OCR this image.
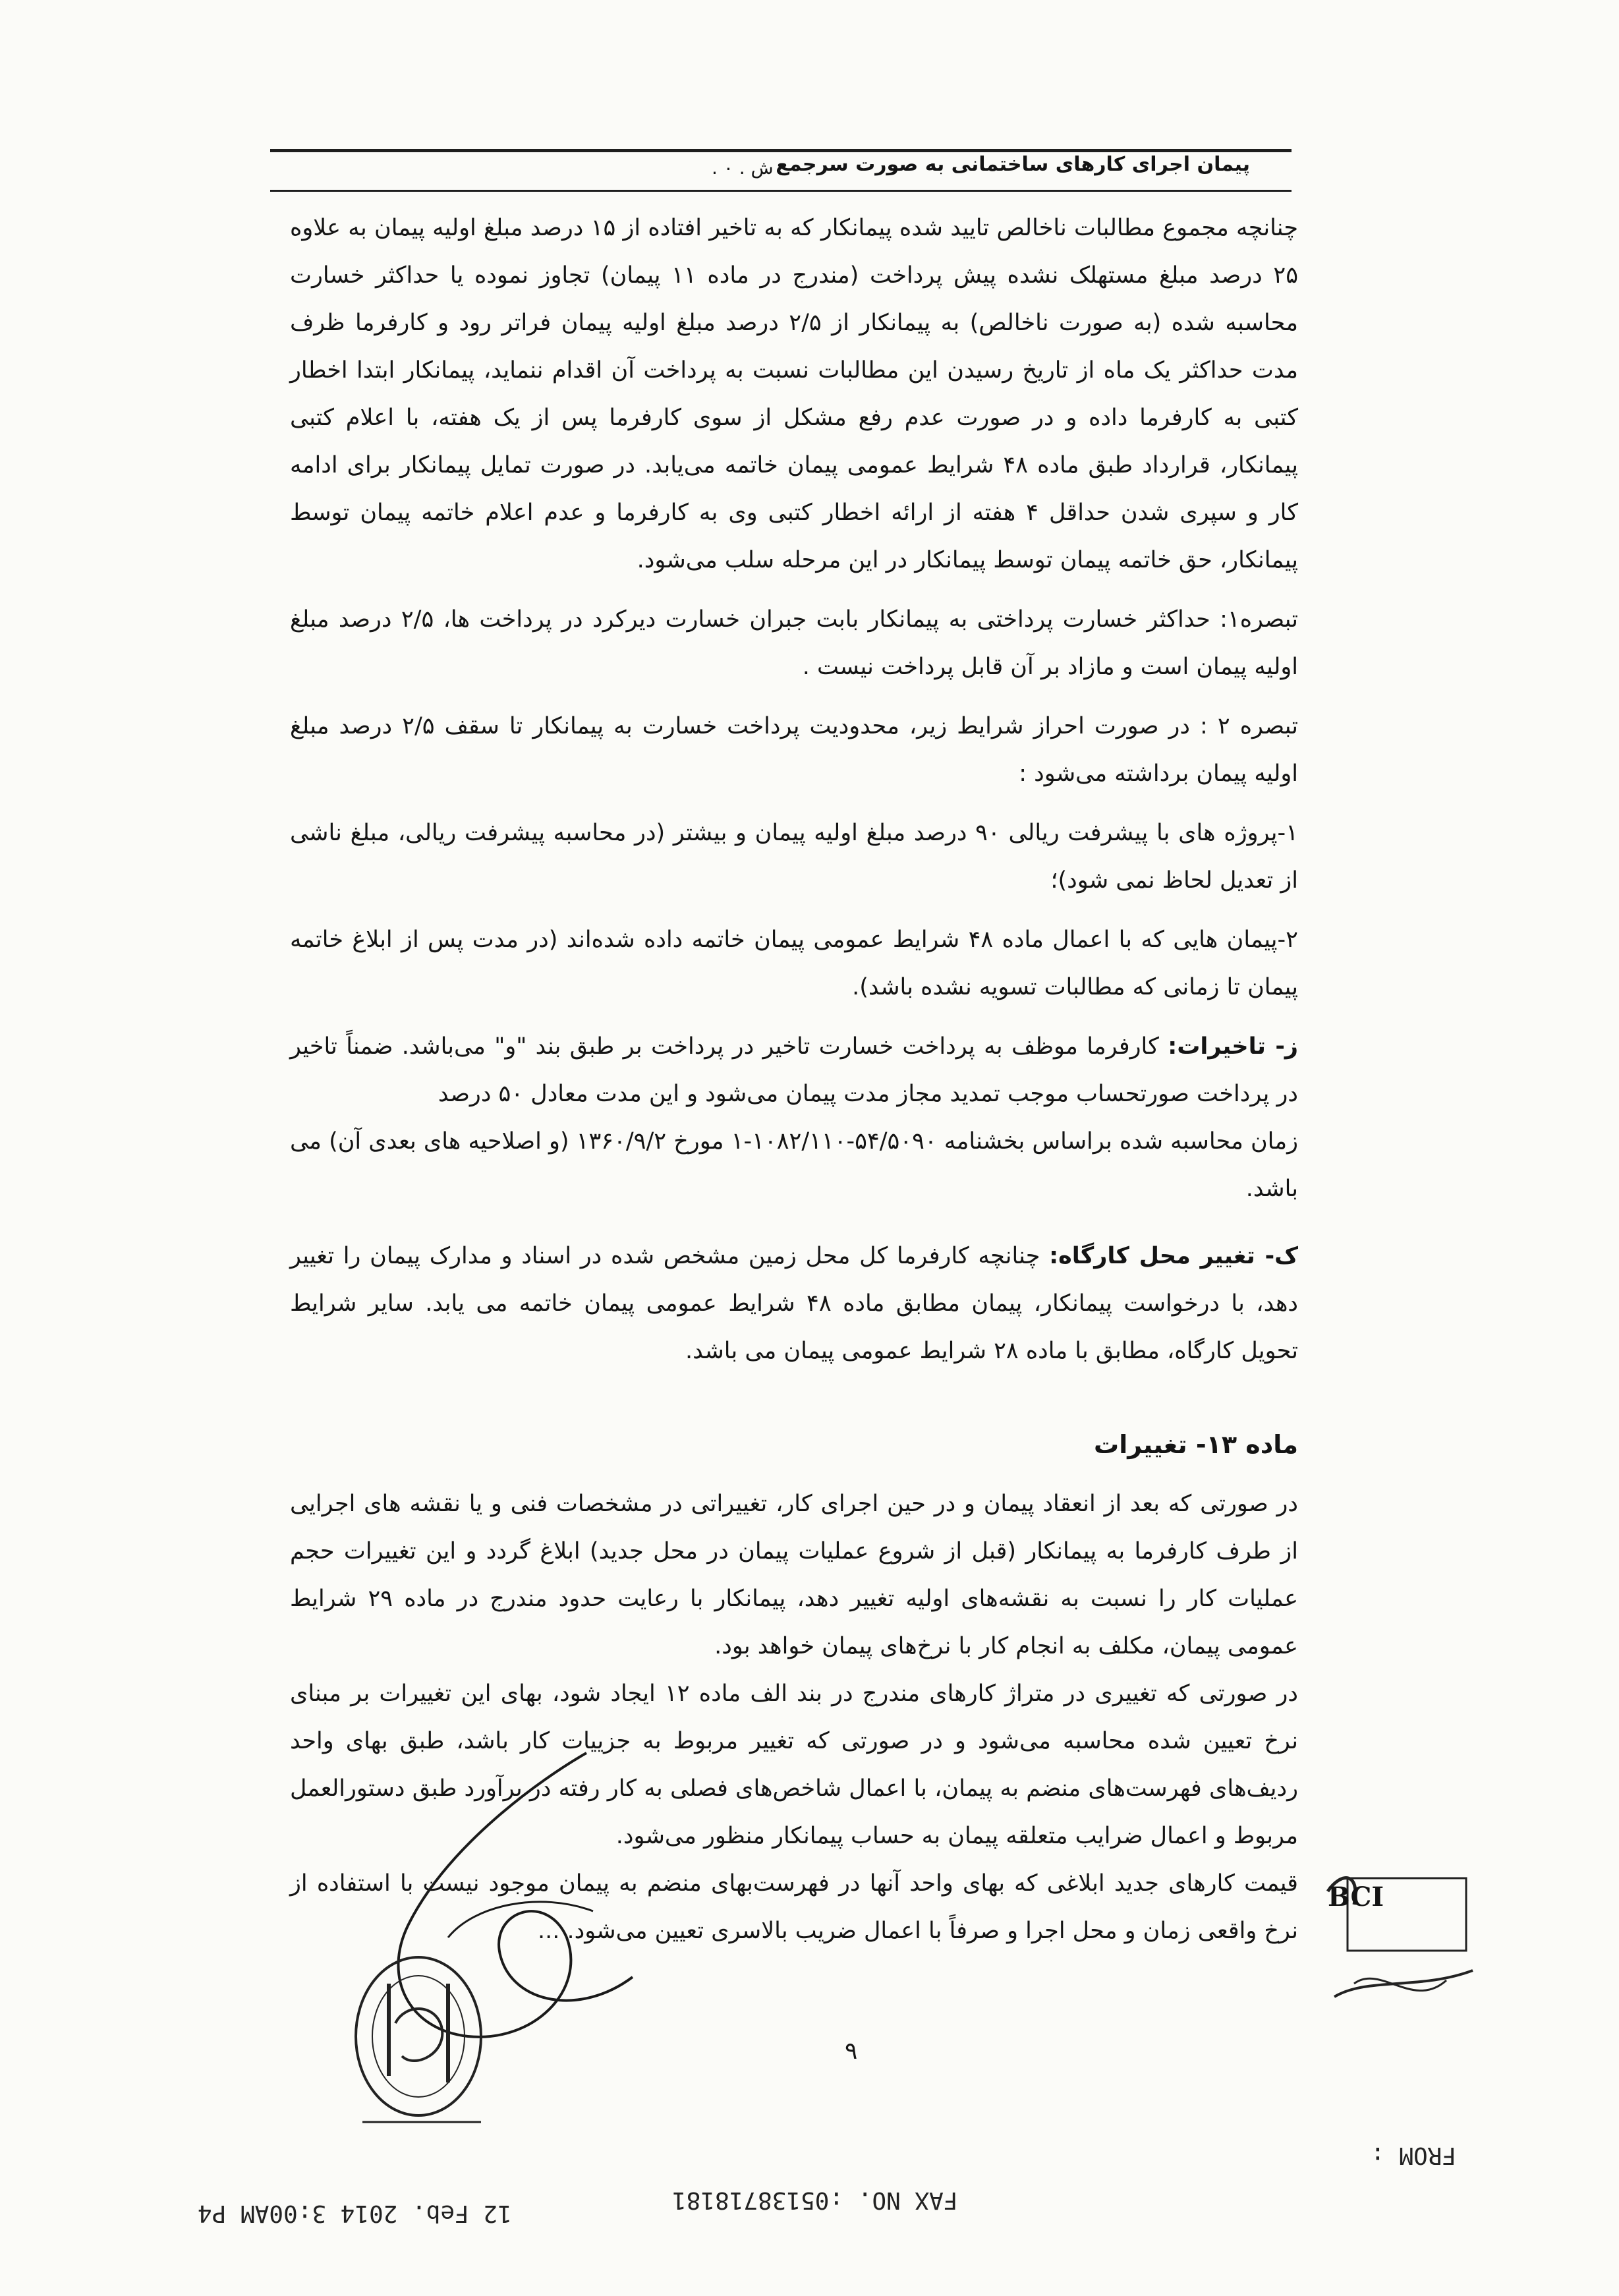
پیمان اجرای کارهای ساختمانی به صورت سرجمع
ش . ۰ .

چنانچه مجموع مطالبات ناخالص تایید شده پیمانکار که به تاخیر افتاده از ۱۵ درصد مبلغ اولیه پیمان به علاوه ۲۵ درصد مبلغ مستهلک نشده پیش پرداخت (مندرج در ماده ۱۱ پیمان) تجاوز نموده یا حداکثر خسارت محاسبه شده (به صورت ناخالص) به پیمانکار از ۲/۵ درصد مبلغ اولیه پیمان فراتر رود و کارفرما ظرف مدت حداکثر یک ماه از تاریخ رسیدن این مطالبات نسبت به پرداخت آن اقدام ننماید، پیمانکار ابتدا اخطار کتبی به کارفرما داده و در صورت عدم رفع مشکل از سوی کارفرما پس از یک هفته، با اعلام کتبی پیمانکار، قرارداد طبق ماده ۴۸ شرایط عمومی پیمان خاتمه می‌یابد. در صورت تمایل پیمانکار برای ادامه کار و سپری شدن حداقل ۴ هفته از ارائه اخطار کتبی وی به کارفرما و عدم اعلام خاتمه پیمان توسط پیمانکار، حق خاتمه پیمان توسط پیمانکار در این مرحله سلب می‌شود.

تبصره۱: حداکثر خسارت پرداختی به پیمانکار بابت جبران خسارت دیرکرد در پرداخت ها، ۲/۵ درصد مبلغ اولیه پیمان است و مازاد بر آن قابل پرداخت نیست .

تبصره ۲ : در صورت احراز شرایط زیر، محدودیت پرداخت خسارت به پیمانکار تا سقف ۲/۵ درصد مبلغ اولیه پیمان برداشته می‌شود :

۱-پروژه های با پیشرفت ریالی ۹۰ درصد مبلغ اولیه پیمان و بیشتر (در محاسبه پیشرفت ریالی، مبلغ ناشی از تعدیل لحاظ نمی شود)؛

۲-پیمان هایی که با اعمال ماده ۴۸ شرایط عمومی پیمان خاتمه داده شده‌اند (در مدت پس از ابلاغ خاتمه پیمان تا زمانی که مطالبات تسویه نشده باشد).

ز- تاخیرات: کارفرما موظف به پرداخت خسارت تاخیر در پرداخت بر طبق بند "و" می‌باشد. ضمناً تاخیر در پرداخت صورتحساب موجب تمدید مجاز مدت پیمان می‌شود و این مدت معادل ۵۰ درصد

زمان محاسبه شده براساس بخشنامه ۵۴/۵۰۹۰-۱۰۸۲/۱۱۰-۱ مورخ ۱۳۶۰/۹/۲ (و اصلاحیه های بعدی آن) می باشد.

ک- تغییر محل کارگاه: چنانچه کارفرما کل محل زمین مشخص شده در اسناد و مدارک پیمان را تغییر دهد، با درخواست پیمانکار، پیمان مطابق ماده ۴۸ شرایط عمومی پیمان خاتمه می یابد. سایر شرایط تحویل کارگاه، مطابق با ماده ۲۸ شرایط عمومی پیمان می باشد.

ماده ۱۳- تغییرات

در صورتی که بعد از انعقاد پیمان و در حین اجرای کار، تغییراتی در مشخصات فنی و یا نقشه های اجرایی از طرف کارفرما به پیمانکار (قبل از شروع عملیات پیمان در محل جدید) ابلاغ گردد و این تغییرات حجم عملیات کار را نسبت به نقشه‌های اولیه تغییر دهد، پیمانکار با رعایت حدود مندرج در ماده ۲۹ شرایط عمومی پیمان، مکلف به انجام کار با نرخ‌های پیمان خواهد بود.

در صورتی که تغییری در متراژ کارهای مندرج در بند الف ماده ۱۲ ایجاد شود، بهای این تغییرات بر مبنای نرخ تعیین شده محاسبه می‌شود و در صورتی که تغییر مربوط به جزییات کار باشد، طبق بهای واحد ردیف‌های فهرست‌های منضم به پیمان، با اعمال شاخص‌های فصلی به کار رفته در برآورد طبق دستورالعمل مربوط و اعمال ضرایب متعلقه پیمان به حساب پیمانکار منظور می‌شود.

قیمت کارهای جدید ابلاغی که بهای واحد آنها در فهرست‌بهای منضم به پیمان موجود نیست با استفاده از نرخ واقعی زمان و محل اجرا و صرفاً با اعمال ضریب بالاسری تعیین می‌شود. ...

BCI
۹
FROM :
FAX NO. :05138718181
12 Feb. 2014 3:00AM P4
